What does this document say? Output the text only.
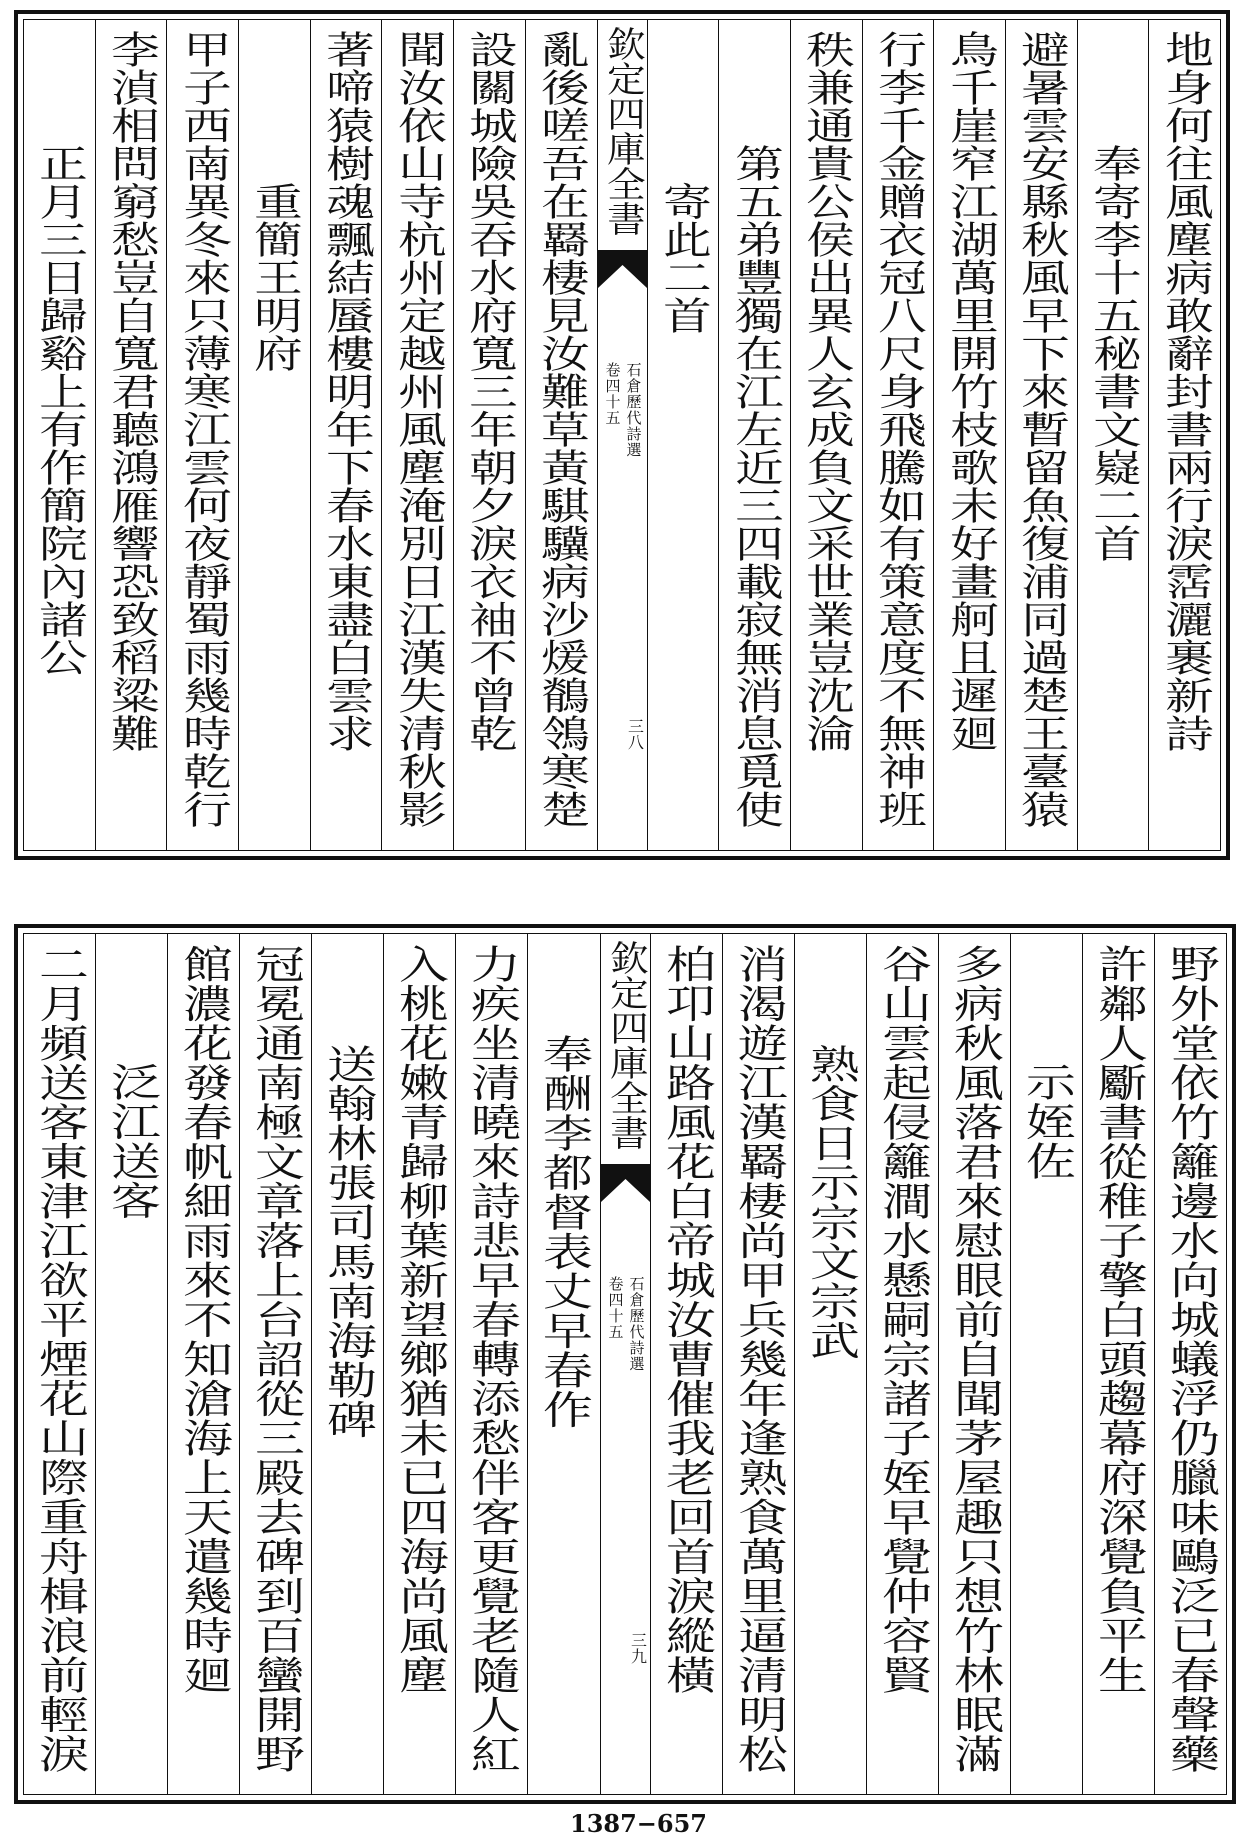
地身何往風塵病敢辭封書兩行淚霑灑裹新詩
奉寄李十五秘書文嶷二首
避暑雲安縣秋風早下來暫留魚復浦同過楚王臺猿
鳥千崖窄江湖萬里開竹枝歌未好畫舸且遲廻
行李千金贈衣冠八尺身飛騰如有策意度不無神班
秩兼通貴公侯出異人玄成負文采世業豈沈淪
第五弟豐獨在江左近三四載寂無消息覓使
寄此二首
欽定四庫全書
石倉歷代詩選
卷四十五
三八
亂後嗟吾在羇棲見汝難草黃騏驥病沙煖鶺鴒寒楚
設關城險吳吞水府寬三年朝夕淚衣袖不曾乾
聞汝依山寺杭州定越州風塵淹別日江漢失清秋影
著啼猿樹魂飄結蜃樓明年下春水東盡白雲求
重簡王明府
甲子西南異冬來只薄寒江雲何夜靜蜀雨幾時乾行
李湞相問窮愁豈自寬君聽鴻雁響恐致稻粱難
正月三日歸谿上有作簡院內諸公
野外堂依竹籬邊水向城蟻浮仍臘味鷗泛已春聲藥
許鄰人斸書從稚子擎白頭趨幕府深覺負平生
示姪佐
多病秋風落君來慰眼前自聞茅屋趣只想竹林眠滿
谷山雲起侵籬澗水懸嗣宗諸子姪早覺仲容賢
熟食日示宗文宗武
消渴遊江漢羇棲尚甲兵幾年逢熟食萬里逼清明松
柏卭山路風花白帝城汝曹催我老回首淚縱橫
欽定四庫全書
石倉歷代詩選
卷四十五
三九
奉酬李都督表丈早春作
力疾坐清曉來詩悲早春轉添愁伴客更覺老隨人紅
入桃花嫩青歸柳葉新望鄉猶未已四海尚風塵
送翰林張司馬南海勒碑
冠冕通南極文章落上台詔從三殿去碑到百蠻開野
館濃花發春帆細雨來不知滄海上天遣幾時廻
泛江送客
二月頻送客東津江欲平煙花山際重舟楫浪前輕淚
1387−657
